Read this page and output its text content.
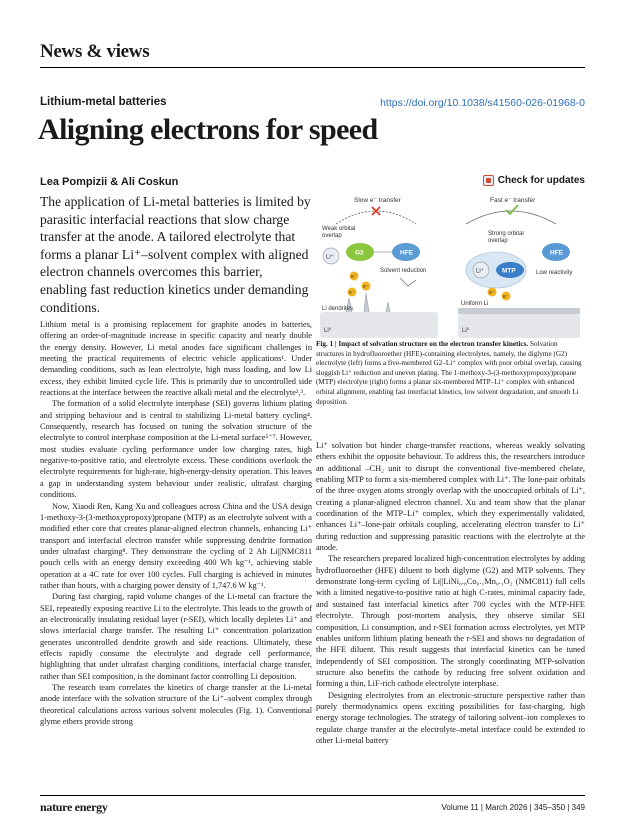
News & views
Lithium-metal batteries	https://doi.org/10.1038/s41560-026-01968-0
Aligning electrons for speed
Lea Pompizii & Ali Coskun	Check for updates
The application of Li-metal batteries is limited by parasitic interfacial reactions that slow charge transfer at the anode. A tailored electrolyte that forms a planar Li⁺–solvent complex with aligned electron channels overcomes this barrier, enabling fast reduction kinetics under demanding conditions.
Li⁰
Slow e⁻ transfer
Weak orbital
overlap
Li⁺
G2	HFE
Solvent reduction
e⁻
e⁻
e⁻
Li dendrites
Li⁰
Fast e⁻ transfer
Strong orbital
overlap
Li⁺	MTP
HFE
Low reactivity
e⁻
e⁻
Uniform Li
Fig. 1 | Impact of solvation structure on the electron transfer kinetics. Solvation structures in hydrofluoroether (HFE)-containing electrolytes, namely, the diglyme (G2) electrolyte (left) forms a five-membered G2–Li⁺ complex with poor orbital overlap, causing sluggish Li⁺ reduction and uneven plating. The 1-methoxy-3-(3-methoxypropoxy)propane (MTP) electrolyte (right) forms a planar six-membered MTP–Li⁺ complex with enhanced orbital alignment, enabling fast interfacial kinetics, low solvent degradation, and smooth Li deposition.

Lithium metal is a promising replacement for graphite anodes in batteries, offering an order-of-magnitude increase in specific capacity and nearly double the energy density. However, Li metal anodes face significant challenges in meeting the practical requirements of electric vehicle applications¹. Under demanding conditions, such as lean electrolyte, high mass loading, and low Li excess, they exhibit limited cycle life. This is primarily due to uncontrolled side reactions at the interface between the reactive alkali metal and the electrolyte²,³.

The formation of a solid electrolyte interphase (SEI) governs lithium plating and stripping behaviour and is central to stabilizing Li-metal battery cycling⁴. Consequently, research has focused on tuning the solvation structure of the electrolyte to control interphase composition at the Li-metal surface⁵⁻⁷. However, most studies evaluate cycling performance under low charging rates, high negative-to-positive ratio, and electrolyte excess. These conditions overlook the electrolyte requirements for high-rate, high-energy-density operation. This leaves a gap in understanding system behaviour under realistic, ultrafast charging conditions.

Now, Xiaodi Ren, Kang Xu and colleagues across China and the USA design 1-methoxy-3-(3-methoxypropoxy)propane (MTP) as an electrolyte solvent with a modified ether core that creates planar-aligned electron channels, enhancing Li⁺ transport and interfacial electron transfer while suppressing dendrite formation under ultrafast charging⁸. They demonstrate the cycling of 2 Ah Li||NMC811 pouch cells with an energy density exceeding 400 Wh kg⁻¹, achieving stable operation at a 4C rate for over 100 cycles. Full charging is achieved in minutes rather than hours, with a charging power density of 1,747.6 W kg⁻¹.

During fast charging, rapid volume changes of the Li-metal can fracture the SEI, repeatedly exposing reactive Li to the electrolyte. This leads to the growth of an electronically insulating residual layer (r-SEI), which locally depletes Li⁺ and slows interfacial charge transfer. The resulting Li⁺ concentration polarization generates uncontrolled dendrite growth and side reactions. Ultimately, these effects rapidly consume the electrolyte and degrade cell performance, highlighting that under ultrafast charging conditions, interfacial charge transfer, rather than SEI composition, is the dominant factor controlling Li deposition.

The research team correlates the kinetics of charge transfer at the Li-metal anode interface with the solvation structure of the Li⁺–solvent complex through theoretical calculations across various solvent molecules (Fig. 1). Conventional glyme ethers provide strong

Li⁺ solvation but hinder charge-transfer reactions, whereas weakly solvating ethers exhibit the opposite behaviour. To address this, the researchers introduce an additional –CH₂ unit to disrupt the conventional five-membered chelate, enabling MTP to form a six-membered complex with Li⁺. The lone-pair orbitals of the three oxygen atoms strongly overlap with the unoccupied orbitals of Li⁺, creating a planar-aligned electron channel. Xu and team show that the planar coordination of the MTP–Li⁺ complex, which they experimentally validated, enhances Li⁺–lone-pair orbitals coupling, accelerating electron transfer to Li⁺ during reduction and suppressing parasitic reactions with the electrolyte at the anode.

The researchers prepared localized high-concentration electrolytes by adding hydrofluoroether (HFE) diluent to both diglyme (G2) and MTP solvents. They demonstrate long-term cycling of Li||LiNi₀.₈Co₀.₁Mn₀.₁O₂ (NMC811) full cells with a limited negative-to-positive ratio at high C-rates, minimal capacity fade, and sustained fast interfacial kinetics after 700 cycles with the MTP-HFE electrolyte. Through post-mortem analysis, they observe similar SEI composition, Li consumption, and r-SEI formation across electrolytes, yet MTP enables uniform lithium plating beneath the r-SEI and shows no degradation of the HFE diluent. This result suggests that interfacial kinetics can be tuned independently of SEI composition. The strongly coordinating MTP-solvation structure also benefits the cathode by reducing free solvent oxidation and forming a thin, LiF-rich cathode electrolyte interphase.

Designing electrolytes from an electronic-structure perspective rather than purely thermodynamics opens exciting possibilities for fast-charging, high energy storage technologies. The strategy of tailoring solvent–ion complexes to regulate charge transfer at the electrolyte–metal interface could be extended to other Li-metal battery

nature energy	Volume 11 | March 2026 | 345–350 | 349
